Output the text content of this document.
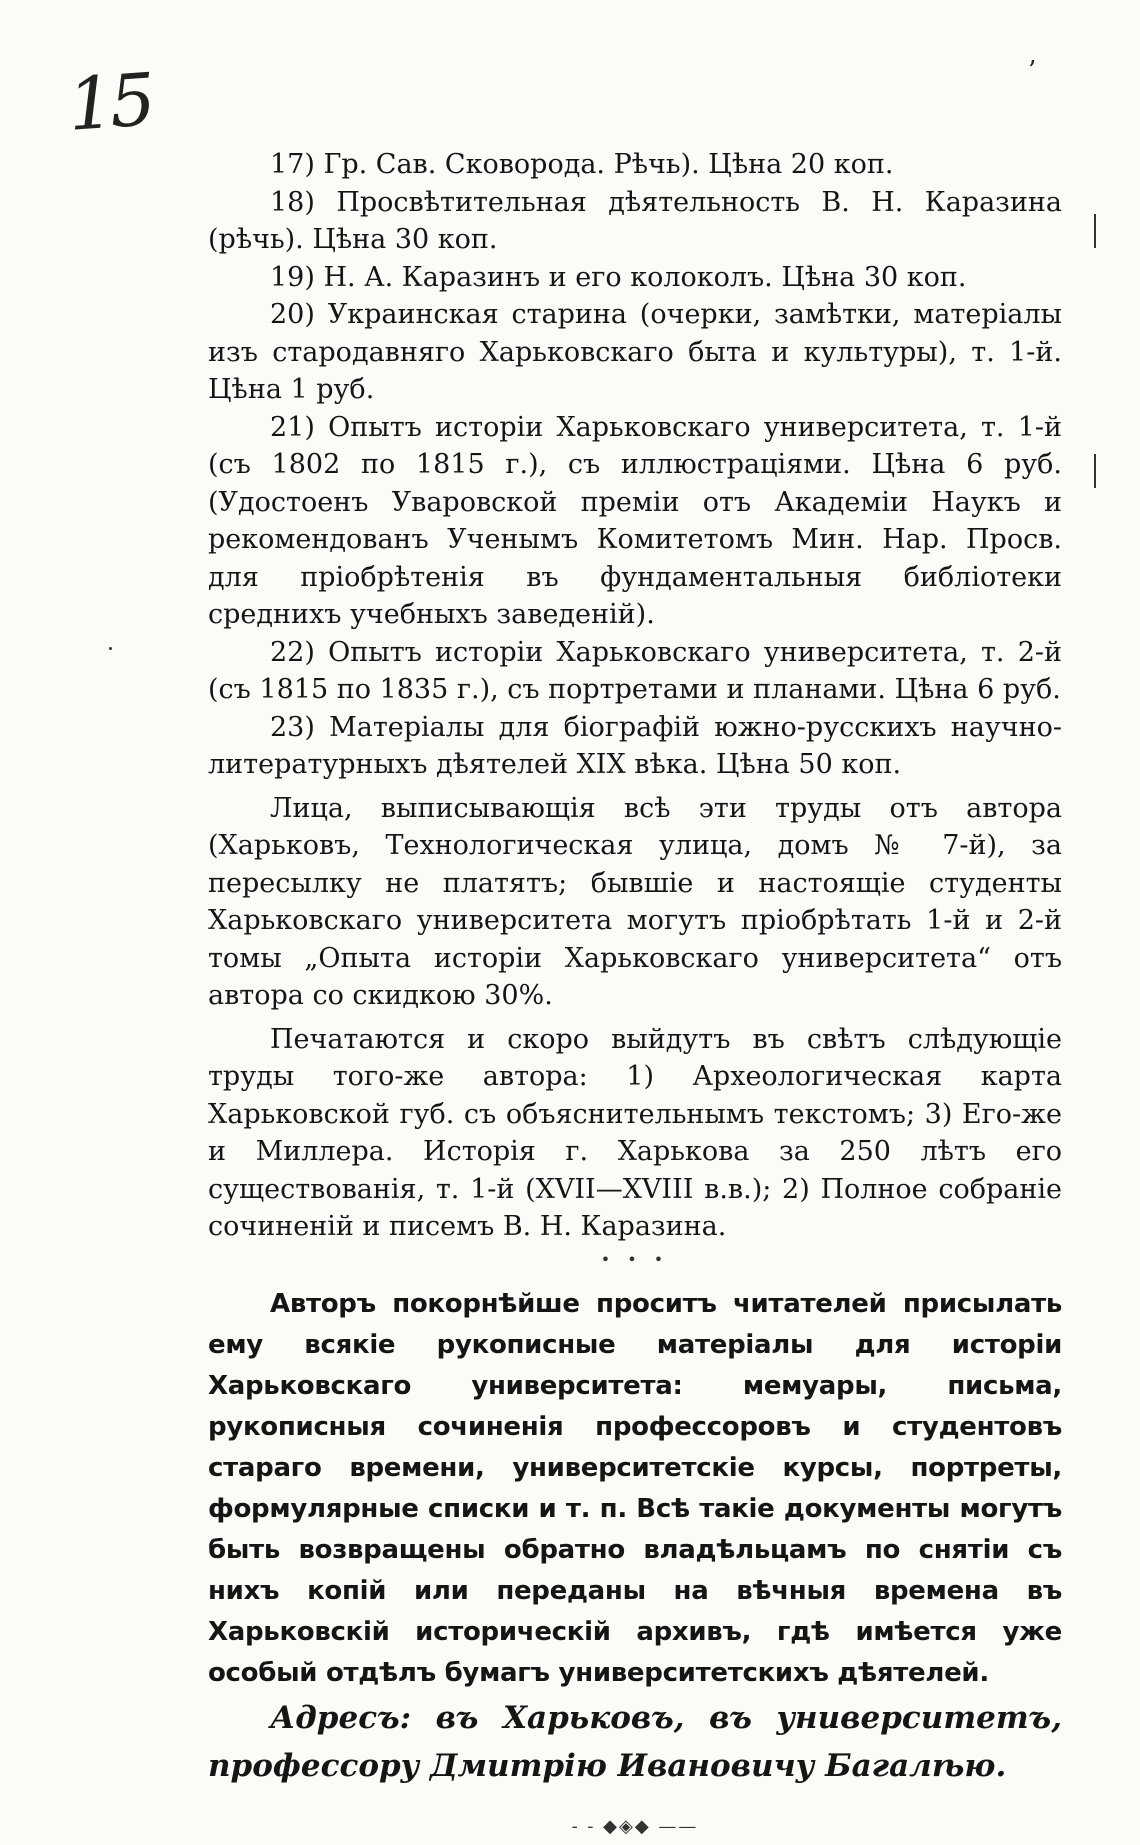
15	’

17) Гр. Сав. Сковорода. Рѣчь). Цѣна 20 коп.

18) Просвѣтительная дѣятельность В. Н. Каразина (рѣчь). Цѣна 30 коп.

19) Н. А. Каразинъ и его колоколъ. Цѣна 30 коп.

20) Украинская старина (очерки, замѣтки, матеріалы изъ стародавняго Харьковскаго быта и культуры), т. 1-й. Цѣна 1 руб.

21) Опытъ исторіи Харьковскаго университета, т. 1-й (съ 1802 по 1815 г.), съ иллюстраціями. Цѣна 6 руб. (Удостоенъ Уваровской преміи отъ Академіи Наукъ и рекомендованъ Ученымъ Комитетомъ Мин. Нар. Просв. для пріобрѣтенія въ фундаментальныя библіотеки среднихъ учебныхъ заведеній).

22) Опытъ исторіи Харьковскаго университета, т. 2-й (съ 1815 по 1835 г.), съ портретами и планами. Цѣна 6 руб.

23) Матеріалы для біографій южно-русскихъ научно-литературныхъ дѣятелей XIX вѣка. Цѣна 50 коп.

Лица, выписывающія всѣ эти труды отъ автора (Харьковъ, Технологическая улица, домъ № 7-й), за пересылку не платятъ; бывшіе и настоящіе студенты Харьковскаго университета могутъ пріобрѣтать 1-й и 2-й томы „Опыта исторіи Харьковскаго университета“ отъ автора со скидкою 30%.

Печатаются и скоро выйдутъ въ свѣтъ слѣдующіе труды того-же автора: 1) Археологическая карта Харьковской губ. съ объяснительнымъ текстомъ; 3) Его-же и Миллера. Исторія г. Харькова за 250 лѣтъ его существованія, т. 1-й (XVII—XVIII в.в.); 2) Полное собраніе сочиненій и писемъ В. Н. Каразина.

• • •

Авторъ покорнѣйше проситъ читателей присылать ему всякіе рукописные матеріалы для исторіи Харьковскаго университета: мемуары, письма, рукописныя сочиненія профессоровъ и студентовъ стараго времени, университетскіе курсы, портреты, формулярные списки и т. п. Всѣ такіе документы могутъ быть возвращены обратно владѣльцамъ по снятіи съ нихъ копій или переданы на вѣчныя времена въ Харьковскій историческій архивъ, гдѣ имѣется уже особый отдѣлъ бумагъ университетскихъ дѣятелей.

Адресъ: въ Харьковъ, въ университетъ, профессору Дмитрію Ивановичу Багалѣю.

- - ◆◈◆ ——
